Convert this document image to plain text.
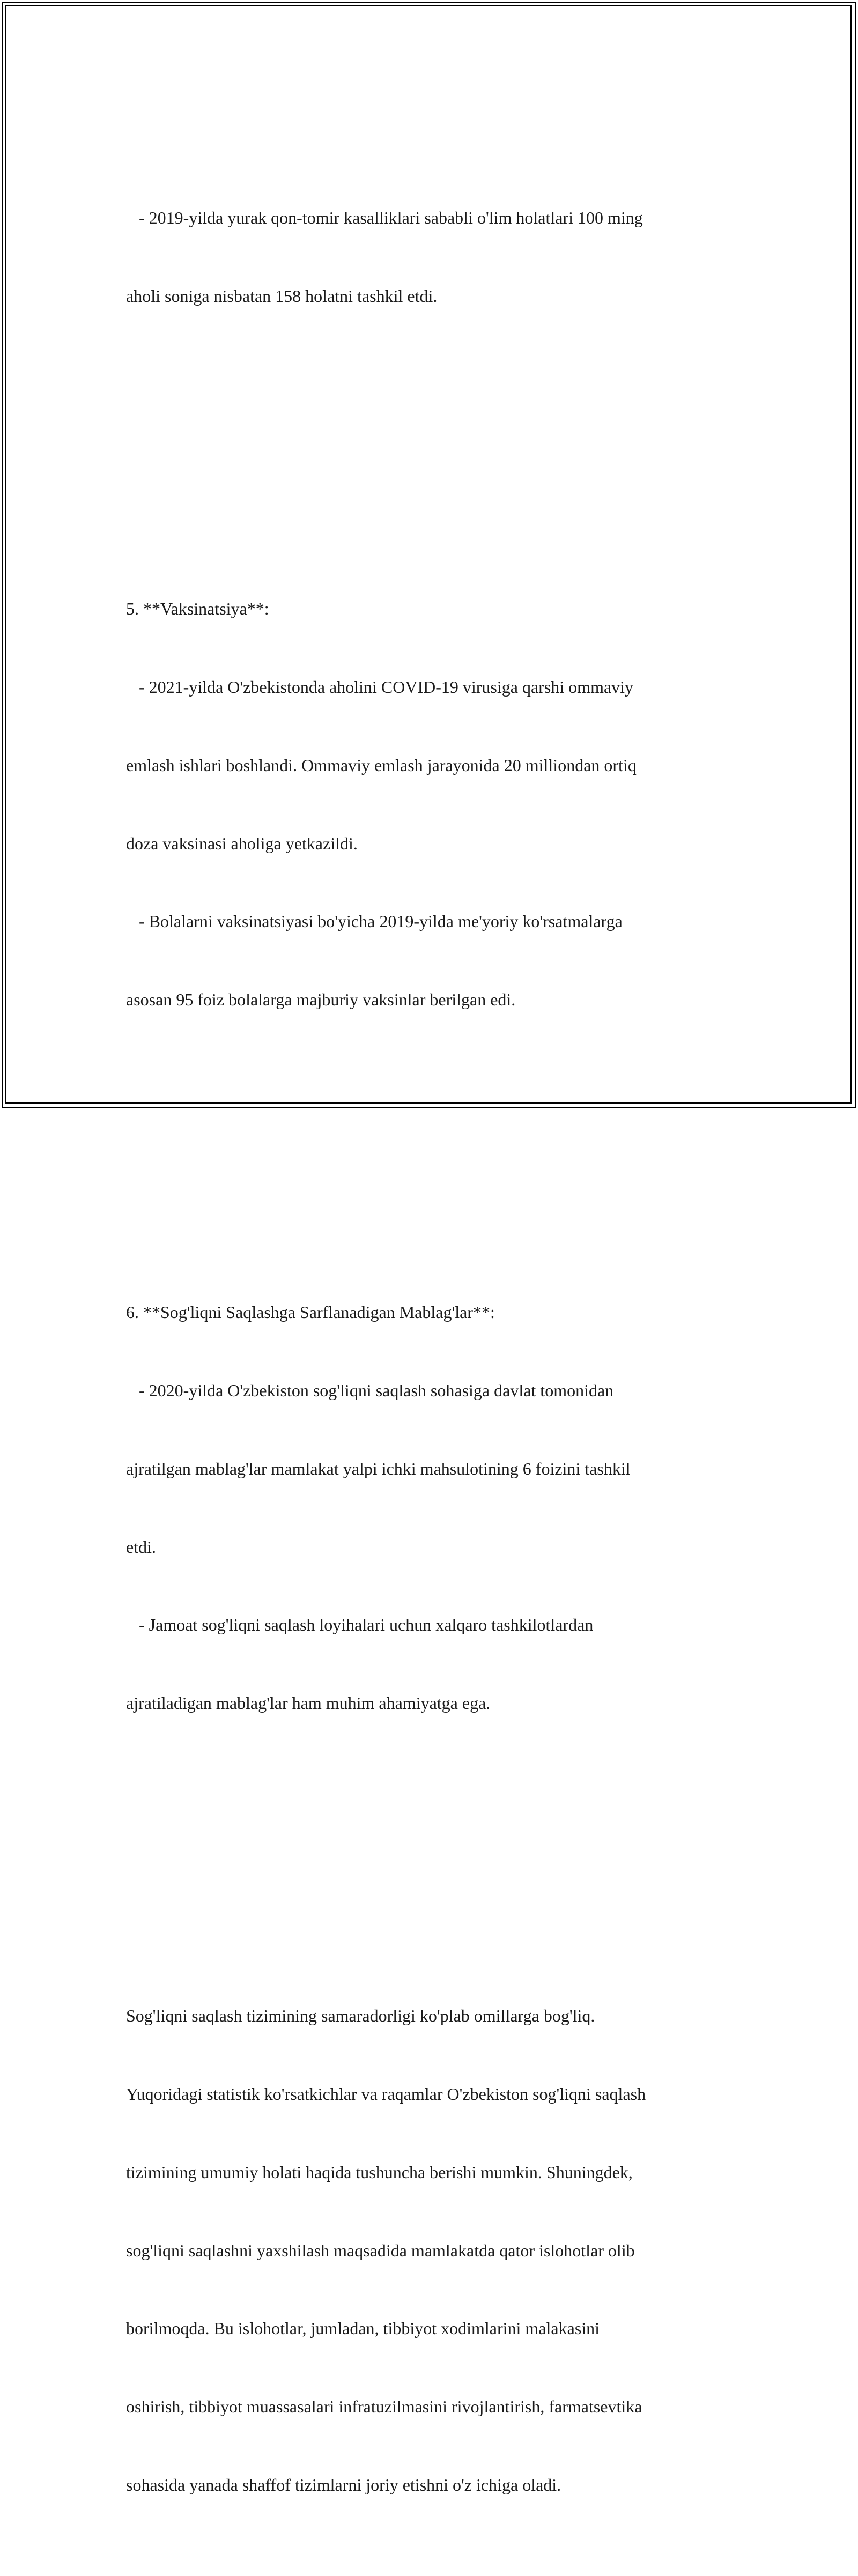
- 2019-yilda yurak qon-tomir kasalliklari sababli o'lim holatlari 100 ming

aholi soniga nisbatan 158 holatni tashkil etdi.

5. **Vaksinatsiya**:

- 2021-yilda O'zbekistonda aholini COVID-19 virusiga qarshi ommaviy

emlash ishlari boshlandi. Ommaviy emlash jarayonida 20 milliondan ortiq

doza vaksinasi aholiga yetkazildi.

- Bolalarni vaksinatsiyasi bo'yicha 2019-yilda me'yoriy ko'rsatmalarga

asosan 95 foiz bolalarga majburiy vaksinlar berilgan edi.

6. **Sog'liqni Saqlashga Sarflanadigan Mablag'lar**:

- 2020-yilda O'zbekiston sog'liqni saqlash sohasiga davlat tomonidan

ajratilgan mablag'lar mamlakat yalpi ichki mahsulotining 6 foizini tashkil

etdi.

- Jamoat sog'liqni saqlash loyihalari uchun xalqaro tashkilotlardan

ajratiladigan mablag'lar ham muhim ahamiyatga ega.

Sog'liqni saqlash tizimining samaradorligi ko'plab omillarga bog'liq.

Yuqoridagi statistik ko'rsatkichlar va raqamlar O'zbekiston sog'liqni saqlash

tizimining umumiy holati haqida tushuncha berishi mumkin. Shuningdek,

sog'liqni saqlashni yaxshilash maqsadida mamlakatda qator islohotlar olib

borilmoqda. Bu islohotlar, jumladan, tibbiyot xodimlarini malakasini

oshirish, tibbiyot muassasalari infratuzilmasini rivojlantirish, farmatsevtika

sohasida yanada shaffof tizimlarni joriy etishni o'z ichiga oladi.
